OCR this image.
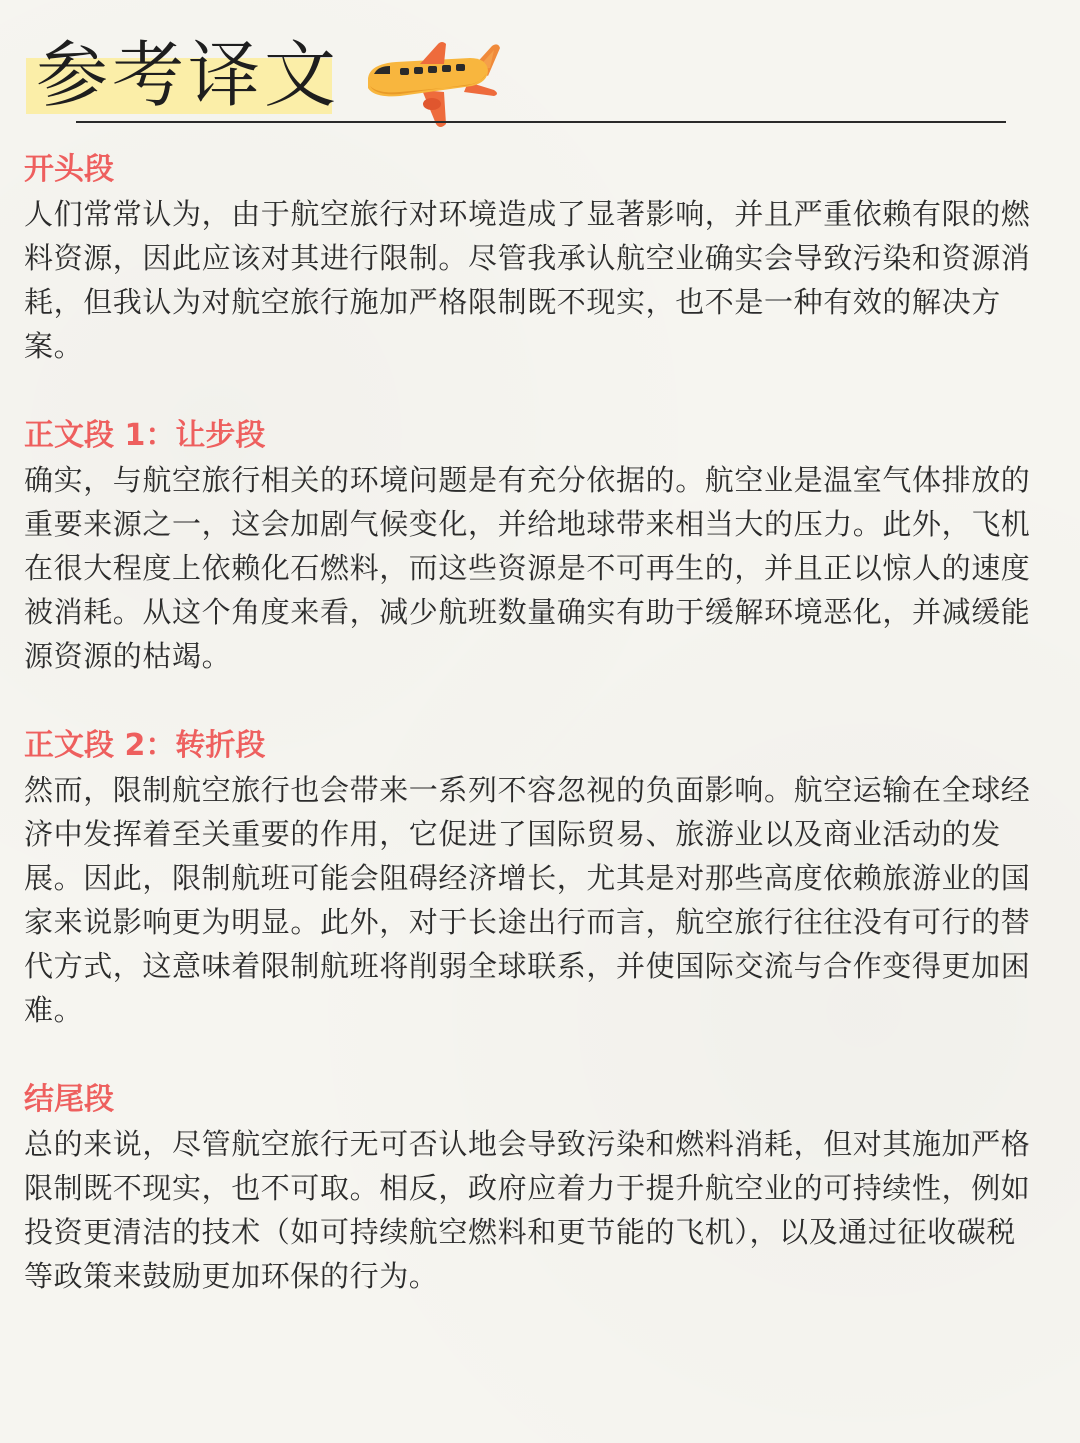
参考译文

开头段

人们常常认为，由于航空旅行对环境造成了显著影响，并且严重依赖有限的燃料资源，因此应该对其进行限制。尽管我承认航空业确实会导致污染和资源消耗，但我认为对航空旅行施加严格限制既不现实，也不是一种有效的解决方案。

正文段 1：让步段

确实，与航空旅行相关的环境问题是有充分依据的。航空业是温室气体排放的重要来源之一，这会加剧气候变化，并给地球带来相当大的压力。此外，飞机在很大程度上依赖化石燃料，而这些资源是不可再生的，并且正以惊人的速度被消耗。从这个角度来看，减少航班数量确实有助于缓解环境恶化，并减缓能源资源的枯竭。

正文段 2：转折段

然而，限制航空旅行也会带来一系列不容忽视的负面影响。航空运输在全球经济中发挥着至关重要的作用，它促进了国际贸易、旅游业以及商业活动的发展。因此，限制航班可能会阻碍经济增长，尤其是对那些高度依赖旅游业的国家来说影响更为明显。此外，对于长途出行而言，航空旅行往往没有可行的替代方式，这意味着限制航班将削弱全球联系，并使国际交流与合作变得更加困难。

结尾段

总的来说，尽管航空旅行无可否认地会导致污染和燃料消耗，但对其施加严格限制既不现实，也不可取。相反，政府应着力于提升航空业的可持续性，例如投资更清洁的技术（如可持续航空燃料和更节能的飞机），以及通过征收碳税等政策来鼓励更加环保的行为。
